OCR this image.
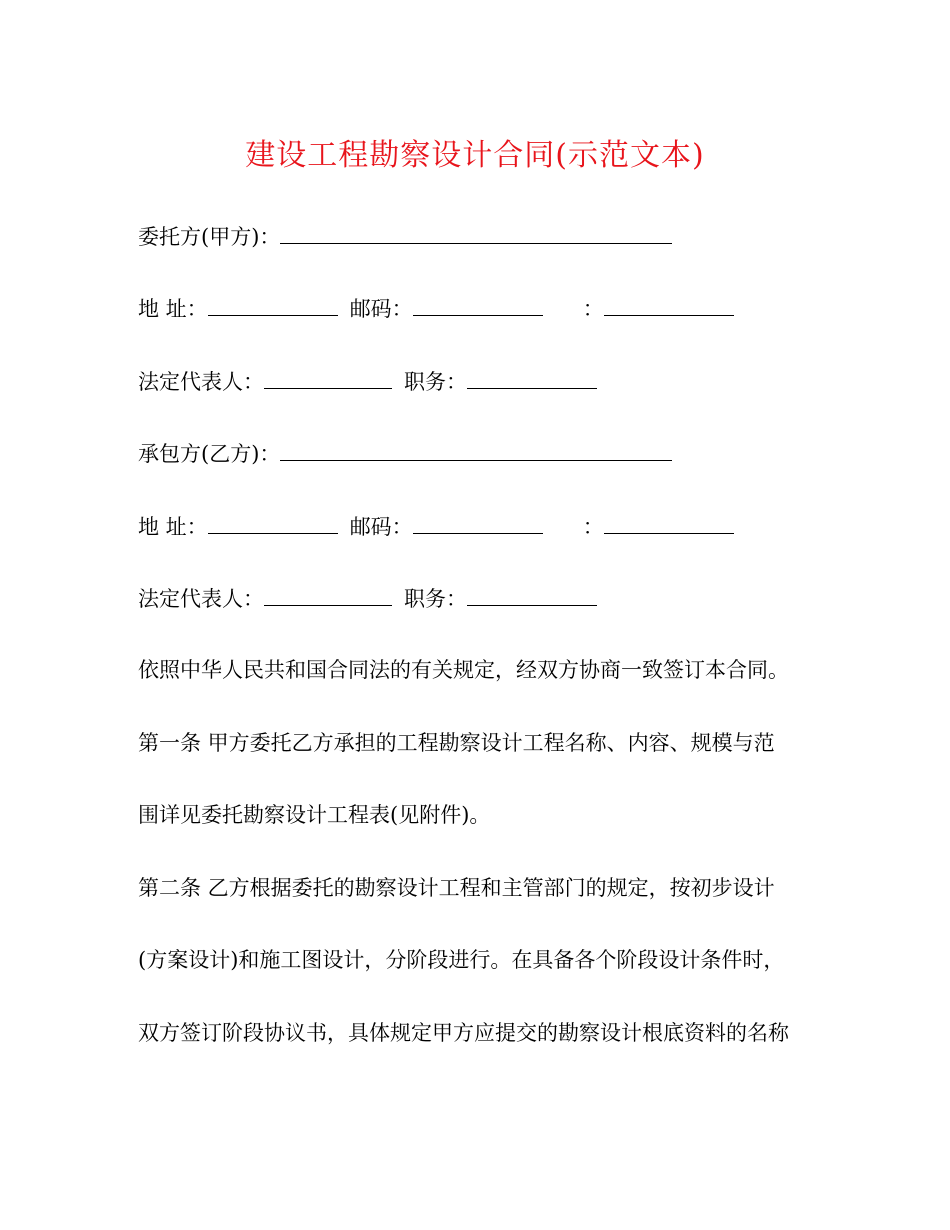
建设工程勘察设计合同(示范文本)
委托方(甲方)：
地 址：	邮码：	：
法定代表人：	职务：
承包方(乙方)：
地 址：	邮码：	：
法定代表人：	职务：
依照中华人民共和国合同法的有关规定，经双方协商一致签订本合同。
第一条 甲方委托乙方承担的工程勘察设计工程名称、内容、规模与范
围详见委托勘察设计工程表(见附件)。
第二条 乙方根据委托的勘察设计工程和主管部门的规定，按初步设计
(方案设计)和施工图设计，分阶段进行。在具备各个阶段设计条件时，
双方签订阶段协议书，具体规定甲方应提交的勘察设计根底资料的名称
